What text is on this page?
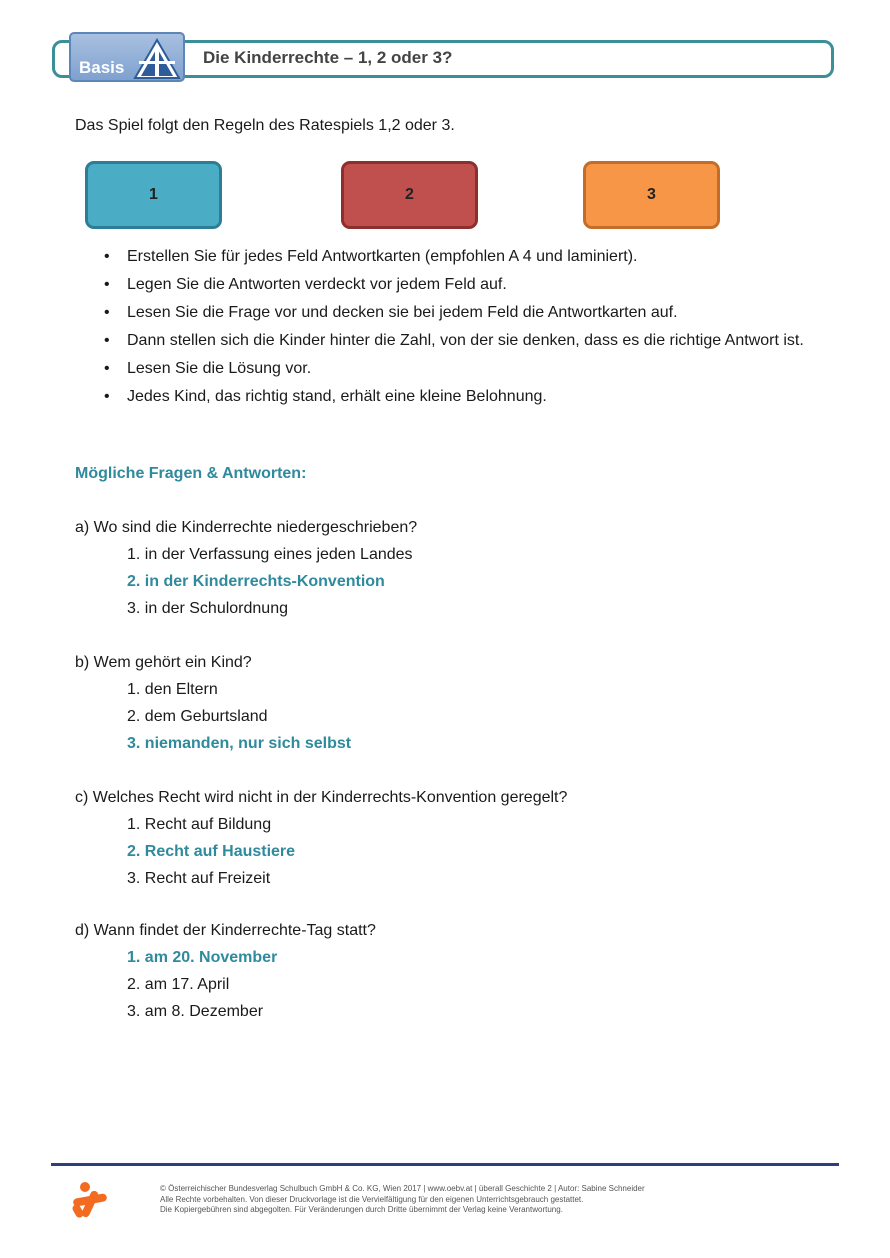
Basis
Die Kinderrechte – 1, 2 oder 3?
Das Spiel folgt den Regeln des Ratespiels 1,2 oder 3.
1	2	3
• Erstellen Sie für jedes Feld Antwortkarten (empfohlen A 4 und laminiert).
• Legen Sie die Antworten verdeckt vor jedem Feld auf.
• Lesen Sie die Frage vor und decken sie bei jedem Feld die Antwortkarten auf.
• Dann stellen sich die Kinder hinter die Zahl, von der sie denken, dass es die richtige Antwort ist.
• Lesen Sie die Lösung vor.
• Jedes Kind, das richtig stand, erhält eine kleine Belohnung.
Mögliche Fragen & Antworten:
a) Wo sind die Kinderrechte niedergeschrieben?
1. in der Verfassung eines jeden Landes
2. in der Kinderrechts-Konvention
3. in der Schulordnung
b) Wem gehört ein Kind?
1. den Eltern
2. dem Geburtsland
3. niemanden, nur sich selbst
c) Welches Recht wird nicht in der Kinderrechts-Konvention geregelt?
1. Recht auf Bildung
2. Recht auf Haustiere
3. Recht auf Freizeit
d) Wann findet der Kinderrechte-Tag statt?
1. am 20. November
2. am 17. April
3. am 8. Dezember
© Österreichischer Bundesverlag Schulbuch GmbH & Co. KG, Wien 2017 | www.oebv.at | überall Geschichte 2 | Autor: Sabine Schneider
Alle Rechte vorbehalten. Von dieser Druckvorlage ist die Vervielfältigung für den eigenen Unterrichtsgebrauch gestattet.
Die Kopiergebühren sind abgegolten. Für Veränderungen durch Dritte übernimmt der Verlag keine Verantwortung.
